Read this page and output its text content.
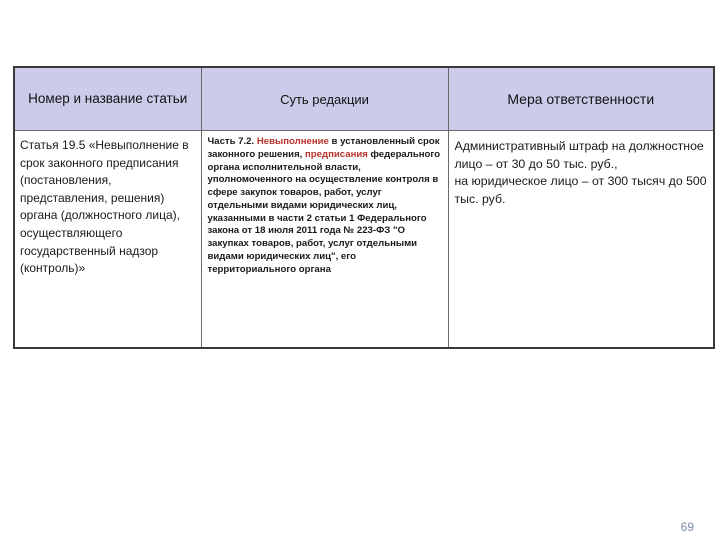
Номер и название статьи	Суть редакции	Мера ответственности
Статья 19.5 «Невыполнение в срок законного предписания (постановления, представления, решения) органа (должностного лица), осуществляющего государственный надзор (контроль)»	Часть 7.2. Невыполнение в установленный срок законного решения, предписания федерального органа исполнительной власти, уполномоченного на осуществление контроля в сфере закупок товаров, работ, услуг отдельными видами юридических лиц, указанными в части 2 статьи 1 Федерального закона от 18 июля 2011 года № 223-ФЗ "О закупках товаров, работ, услуг отдельными видами юридических лиц", его территориального органа	Административный штраф на должностное лицо – от 30 до 50 тыс. руб.,
на юридическое лицо – от 300 тысяч до 500 тыс. руб.
69
